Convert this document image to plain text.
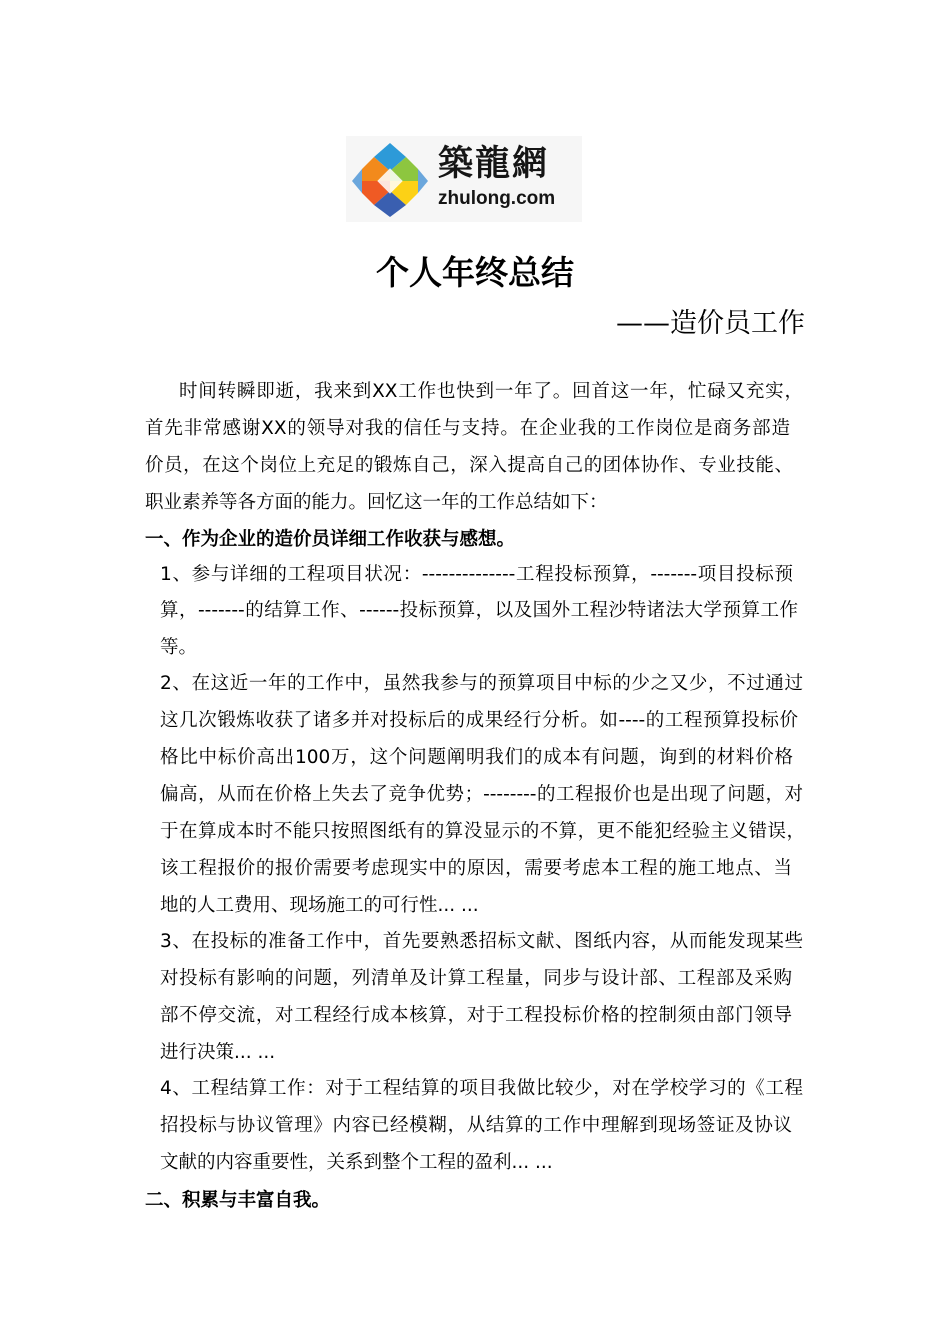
築龍網
zhulong.com
个人年终总结
——造价员工作
时间转瞬即逝，我来到XX工作也快到一年了。回首这一年，忙碌又充实，
首先非常感谢XX的领导对我的信任与支持。在企业我的工作岗位是商务部造
价员，在这个岗位上充足的锻炼自己，深入提高自己的团体协作、专业技能、
职业素养等各方面的能力。回忆这一年的工作总结如下：
一、作为企业的造价员详细工作收获与感想。
1、参与详细的工程项目状况：--------------工程投标预算，-------项目投标预
算，-------的结算工作、------投标预算，以及国外工程沙特诸法大学预算工作
等。
2、在这近一年的工作中，虽然我参与的预算项目中标的少之又少，不过通过
这几次锻炼收获了诸多并对投标后的成果经行分析。如----的工程预算投标价
格比中标价高出100万，这个问题阐明我们的成本有问题，询到的材料价格
偏高，从而在价格上失去了竞争优势；--------的工程报价也是出现了问题，对
于在算成本时不能只按照图纸有的算没显示的不算，更不能犯经验主义错误，
该工程报价的报价需要考虑现实中的原因，需要考虑本工程的施工地点、当
地的人工费用、现场施工的可行性... ...
3、在投标的准备工作中，首先要熟悉招标文献、图纸内容，从而能发现某些
对投标有影响的问题，列清单及计算工程量，同步与设计部、工程部及采购
部不停交流，对工程经行成本核算，对于工程投标价格的控制须由部门领导
进行决策... ...
4、工程结算工作：对于工程结算的项目我做比较少，对在学校学习的《工程
招投标与协议管理》内容已经模糊，从结算的工作中理解到现场签证及协议
文献的内容重要性，关系到整个工程的盈利... ...
二、积累与丰富自我。
